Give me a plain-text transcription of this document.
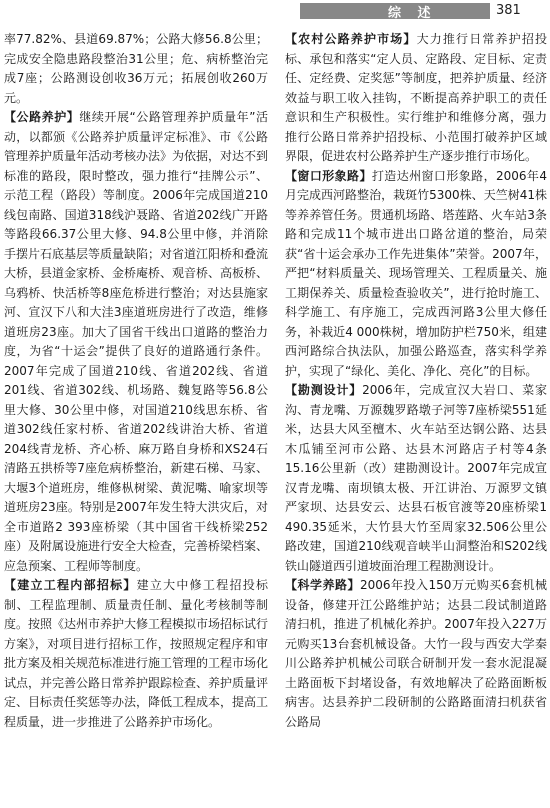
综 述	381

率77.82%、县道69.87%；公路大修56.8公里；完成安全隐患路段整治31公里；危、病桥整治完成7座；公路测设创收36万元；拓展创收260万元。

【公路养护】继续开展“公路管理养护质量年”活动，以都颁《公路养护质量评定标准》、市《公路管理养护质量年活动考核办法》为依据，对达不到标准的路段，限时整改，强力推行“挂牌公示”、示范工程（路段）等制度。2006年完成国道210线包南路、国道318线沪聂路、省道202线广开路等路段66.37公里大修、94.8公里中修，并消除手摆片石底基层等质量缺陷；对省道江阳桥和叠流大桥，县道金家桥、金桥庵桥、观音桥、高板桥、乌鸦桥、快活桥等8座危桥进行整治；对达县施家河、宣汉下八和大洼3座道班房进行了改造，维修道班房23座。加大了国省干线出口道路的整治力度，为省“十运会”提供了良好的道路通行条件。2007年完成了国道210线、省道202线、省道201线、省道302线、机场路、魏复路等56.8公里大修、30公里中修，对国道210线思东桥、省道302线任家村桥、省道202线讲治大桥、省道204线青龙桥、齐心桥、麻万路自身桥和XS24石清路五拱桥等7座危病桥整治，新建石梯、马家、大堰3个道班房，维修枞树梁、黄泥嘴、喻家坝等道班房23座。特别是2007年发生特大洪灾后，对全市道路2 393座桥梁（其中国省干线桥梁252座）及附属设施进行安全大检查，完善桥梁档案、应急预案、工程师等制度。

【建立工程内部招标】建立大中修工程招投标制、工程监理制、质量责任制、量化考核制等制度。按照《达州市养护大修工程模拟市场招标试行方案》，对项目进行招标工作，按照规定程序和审批方案及相关规范标准进行施工管理的工程市场化试点，并完善公路日常养护跟踪检查、养护质量评定、目标责任奖惩等办法，降低工程成本，提高工程质量，进一步推进了公路养护市场化。

【农村公路养护市场】大力推行日常养护招投标、承包和落实“定人员、定路段、定目标、定责任、定经费、定奖惩”等制度，把养护质量、经济效益与职工收入挂钩，不断提高养护职工的责任意识和生产积极性。实行维护和维修分离，强力推行公路日常养护招投标、小范围打破养护区域界限，促进农村公路养护生产逐步推行市场化。

【窗口形象路】打造达州窗口形象路，2006年4月完成西河路整治，栽斑竹5300株、天竺树41株等养养管任务。贯通机场路、塔莲路、火车站3条路和完成11个城市进出口路岔道的整治，局荣获“省十运会承办工作先进集体”荣誉。2007年，严把“材料质量关、现场管理关、工程质量关、施工期保养关、质量检查验收关”，进行抢时施工、科学施工、有序施工，完成西河路3公里大修任务，补栽近4 000株树，增加防护栏750米，组建西河路综合执法队，加强公路巡查，落实科学养护，实现了“绿化、美化、净化、亮化”的目标。

【勘测设计】2006年，完成宣汉大岩口、菜家沟、青龙嘴、万源魏罗路墩子河等7座桥梁551延米，达县大风至檀木、火车站至达钢公路、达县木瓜铺至河市公路、达县木河路店子村等4条15.16公里新（改）建勘测设计。2007年完成宣汉青龙嘴、南坝镇太极、开江讲治、万源罗文镇严家坝、达县安云、达县石板官渡等20座桥梁1 490.35延米，大竹县大竹至周家32.506公里公路改建，国道210线观音峡半山洞整治和S202线铁山隧道西引道坡面治理工程勘测设计。

【科学养路】2006年投入150万元购买6套机械设备，修建开江公路维护站；达县二段试制道路清扫机，推进了机械化养护。2007年投入227万元购买13台套机械设备。大竹一段与西安大学秦川公路养护机械公司联合研制开发一套水泥混凝土路面板下封堵设备，有效地解决了砼路面断板病害。达县养护二段研制的公路路面清扫机获省公路局
